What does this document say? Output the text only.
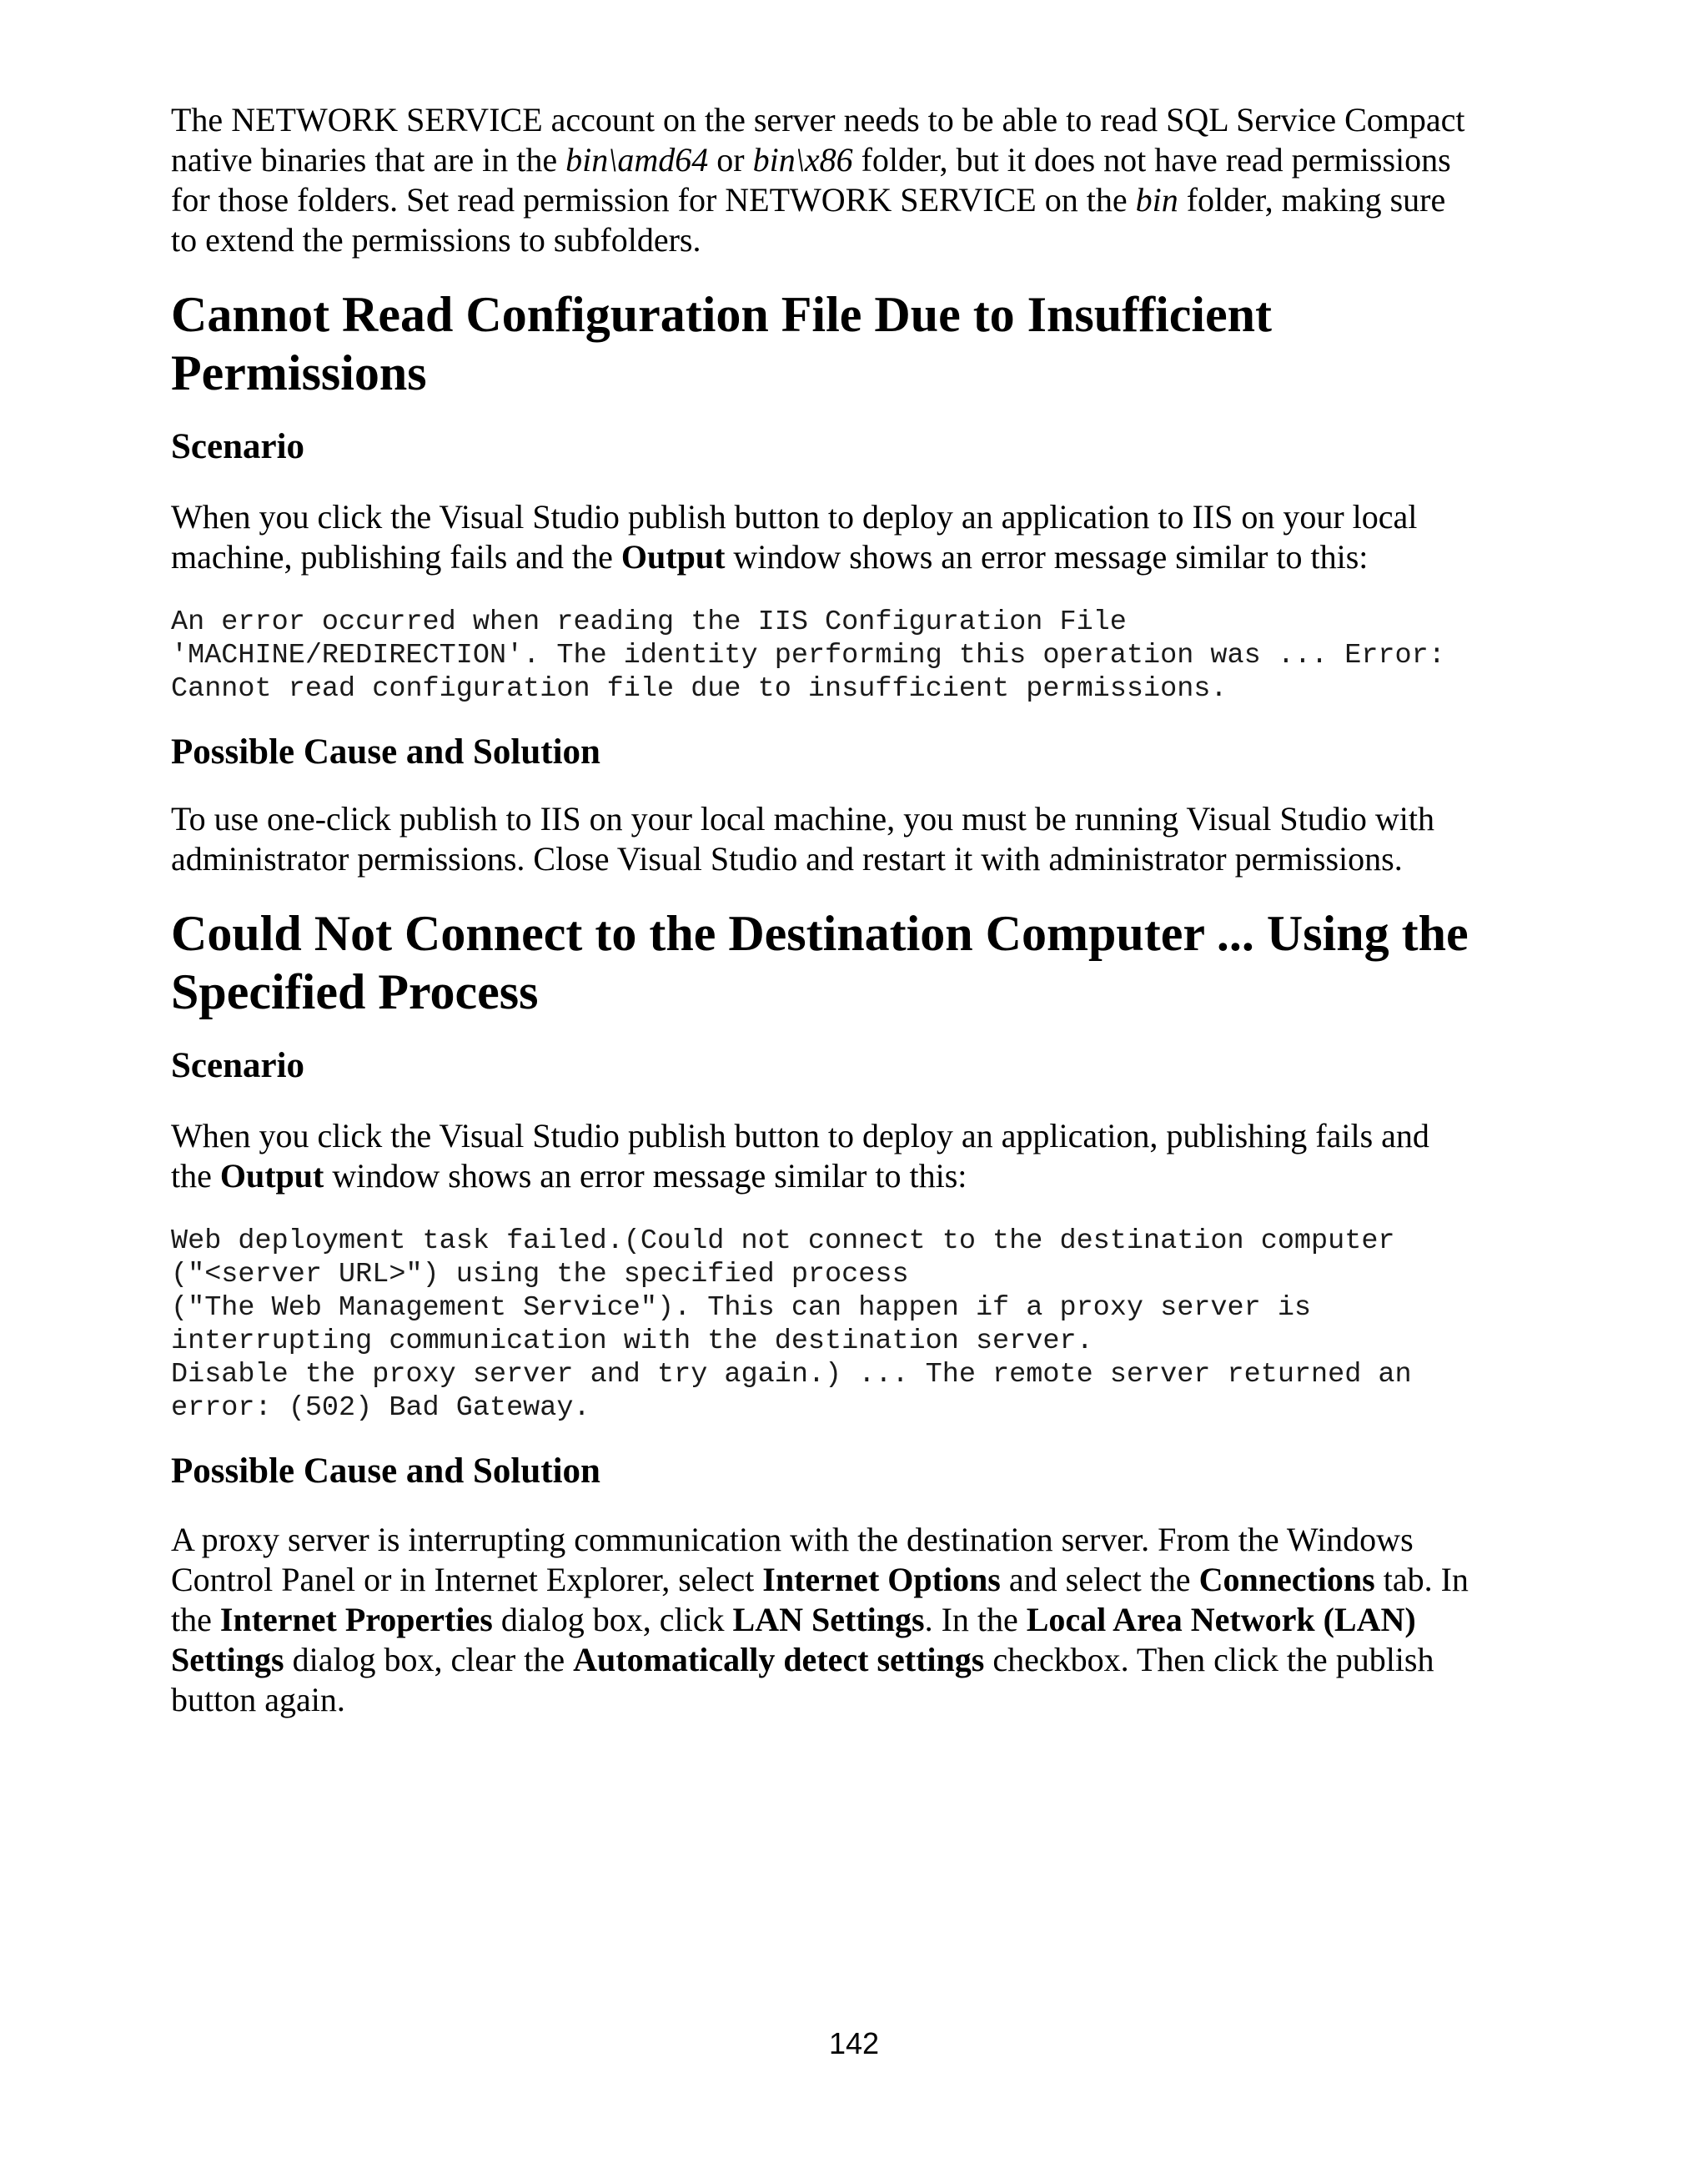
The NETWORK SERVICE account on the server needs to be able to read SQL Service Compact
native binaries that are in the bin\amd64 or bin\x86 folder, but it does not have read permissions
for those folders. Set read permission for NETWORK SERVICE on the bin folder, making sure
to extend the permissions to subfolders.

Cannot Read Configuration File Due to Insufficient
Permissions
Scenario

When you click the Visual Studio publish button to deploy an application to IIS on your local
machine, publishing fails and the Output window shows an error message similar to this:

An error occurred when reading the IIS Configuration File
'MACHINE/REDIRECTION'. The identity performing this operation was ... Error:
Cannot read configuration file due to insufficient permissions.
Possible Cause and Solution

To use one-click publish to IIS on your local machine, you must be running Visual Studio with
administrator permissions. Close Visual Studio and restart it with administrator permissions.

Could Not Connect to the Destination Computer ... Using the
Specified Process
Scenario

When you click the Visual Studio publish button to deploy an application, publishing fails and
the Output window shows an error message similar to this:

Web deployment task failed.(Could not connect to the destination computer
("<server URL>") using the specified process
("The Web Management Service"). This can happen if a proxy server is
interrupting communication with the destination server.
Disable the proxy server and try again.) ... The remote server returned an
error: (502) Bad Gateway.
Possible Cause and Solution

A proxy server is interrupting communication with the destination server. From the Windows
Control Panel or in Internet Explorer, select Internet Options and select the Connections tab. In
the Internet Properties dialog box, click LAN Settings. In the Local Area Network (LAN)
Settings dialog box, clear the Automatically detect settings checkbox. Then click the publish
button again.

142
